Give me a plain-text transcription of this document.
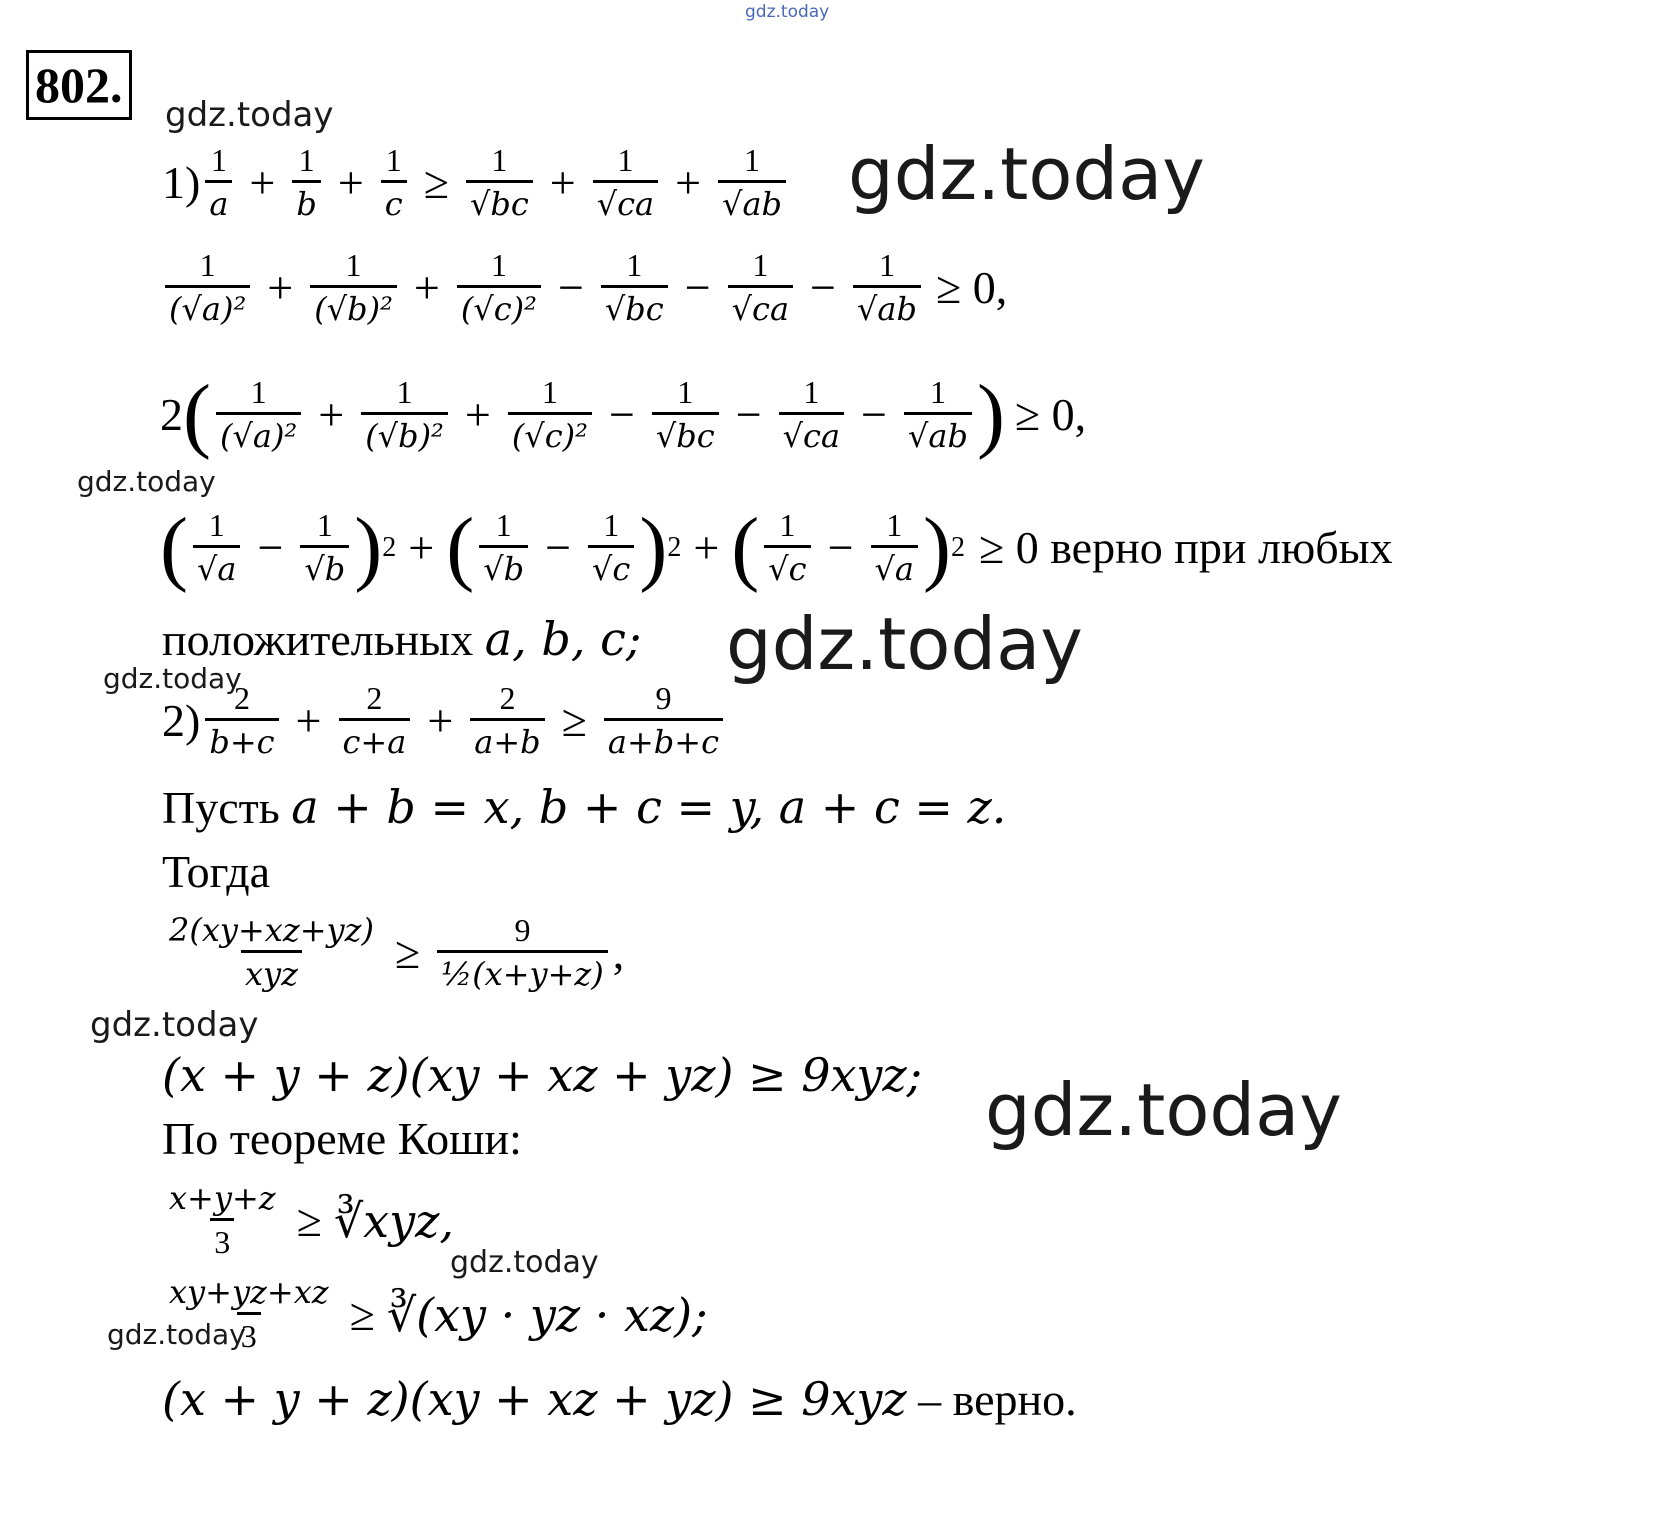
gdz.today
802.
gdz.today
gdz.today
gdz.today
gdz.today
gdz.today
gdz.today
gdz.today
gdz.today
gdz.today
$1) \frac{1}{a} + \frac{1}{b} + \frac{1}{c} \ge \frac{1}{√bc} + \frac{1}{√ca} + \frac{1}{√ab}$
$\frac{1}{\text{(√a)²}} + \frac{1}{\text{(√b)²}} + \frac{1}{\text{(√c)²}} - \frac{1}{√bc} - \frac{1}{√ca} - \frac{1}{√ab} \ge 0$,
2 ( $\frac{1}{\text{(√a)²}} + \frac{1}{\text{(√b)²}} + \frac{1}{\text{(√c)²}} - \frac{1}{√bc} - \frac{1}{√ca} - \frac{1}{√ab}$ ) ≥ 0,
( $\frac{1}{√a} - \frac{1}{√b}$ ) 2 + ( $\frac{1}{√b} - \frac{1}{√c}$ ) 2 + ( $\frac{1}{√c} - \frac{1}{√a}$ ) 2 ≥ 0 верно при любых
положительных a, b, c;
$2) \frac{2}{b+c} + \frac{2}{c+a} + \frac{2}{a+b} \ge \frac{9}{a+b+c}$
Пусть a + b = x, b + c = y, a + c = z.
Тогда
$\frac{2(xy+xz+yz)}{\text{xyz}} \ge \frac{9}{\text{½(x+y+z)}}$ ,
(x + y + z)(xy + xz + yz) ≥ 9xyz;
По теореме Коши:
$\frac{x+y+z}{3}$ ≥ ∛xyz,
$\frac{xy+yz+xz}{3}$ ≥ ∛(xy · yz · xz);
(x + y + z)(xy + xz + yz) ≥ 9xyz – верно.
